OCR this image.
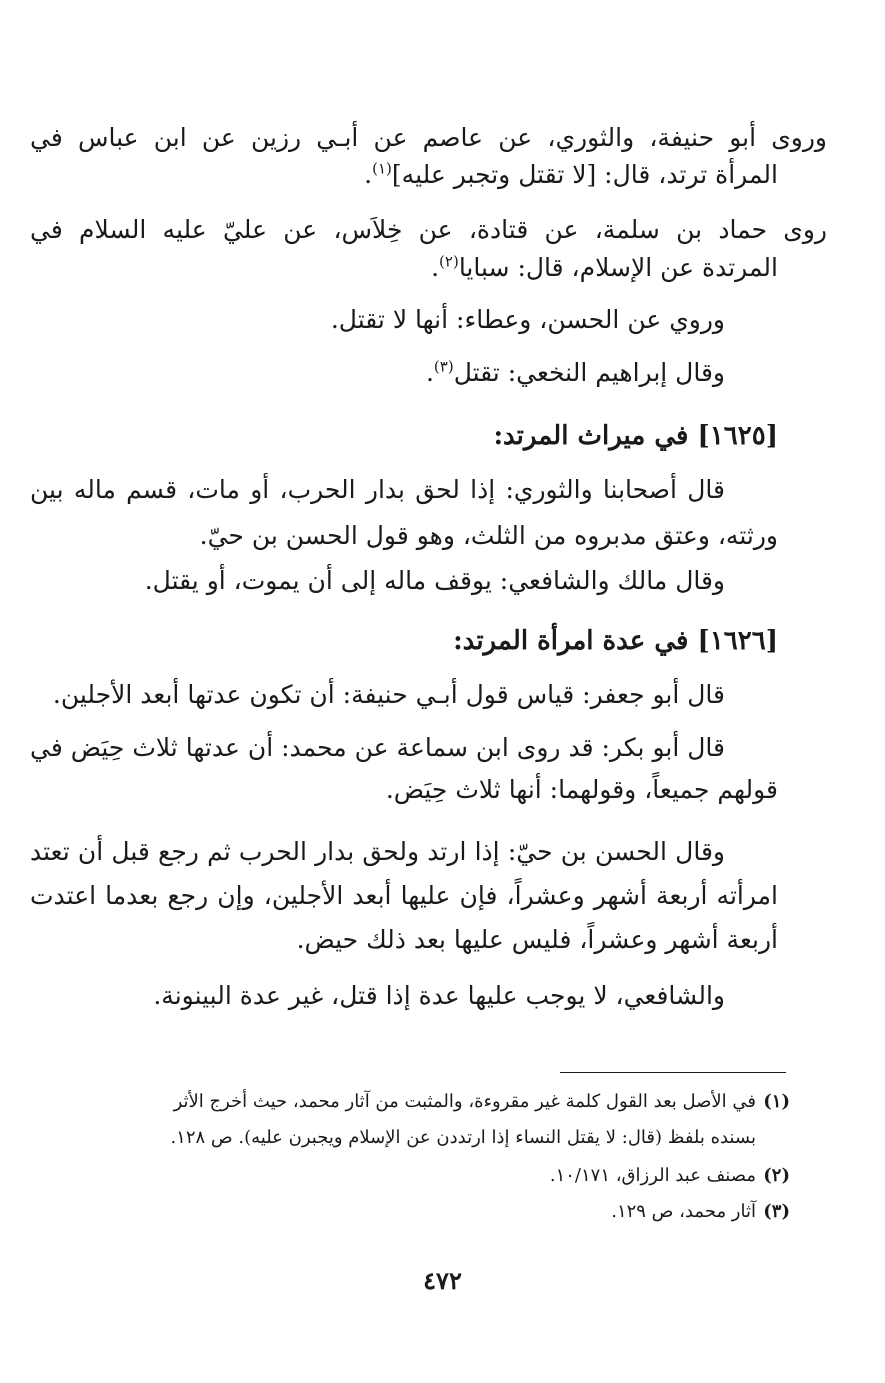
وروى أبو حنيفة، والثوري، عن عاصم عن أبـي رزين عن ابن عباس في
المرأة ترتد، قال: [لا تقتل وتجبر عليه]$^{(١)}$.
روى حماد بن سلمة، عن قتادة، عن خِلاَس، عن عليّ عليه السلام في
المرتدة عن الإسلام، قال: سبايا$^{(٢)}$.
وروي عن الحسن، وعطاء: أنها لا تقتل.
وقال إبراهيم النخعي: تقتل$^{(٣)}$.
[١٦٢٥] في ميراث المرتد:
قال أصحابنا والثوري: إذا لحق بدار الحرب، أو مات، قسم ماله بين
ورثته، وعتق مدبروه من الثلث، وهو قول الحسن بن حيّ.
وقال مالك والشافعي: يوقف ماله إلى أن يموت، أو يقتل.
[١٦٢٦] في عدة امرأة المرتد:
قال أبو جعفر: قياس قول أبـي حنيفة: أن تكون عدتها أبعد الأجلين.
قال أبو بكر: قد روى ابن سماعة عن محمد: أن عدتها ثلاث حِيَض في
قولهم جميعاً، وقولهما: أنها ثلاث حِيَض.
وقال الحسن بن حيّ: إذا ارتد ولحق بدار الحرب ثم رجع قبل أن تعتد
امرأته أربعة أشهر وعشراً، فإن عليها أبعد الأجلين، وإن رجع بعدما اعتدت
أربعة أشهر وعشراً، فليس عليها بعد ذلك حيض.
والشافعي، لا يوجب عليها عدة إذا قتل، غير عدة البينونة.
(١)في الأصل بعد القول كلمة غير مقروءة، والمثبت من آثار محمد، حيث أخرج الأثر
بسنده بلفظ (قال: لا يقتل النساء إذا ارتددن عن الإسلام ويجبرن عليه). ص ١٢٨.
(٢)مصنف عبد الرزاق، ١٠/١٧١.
(٣)آثار محمد، ص ١٢٩.
٤٧٢
